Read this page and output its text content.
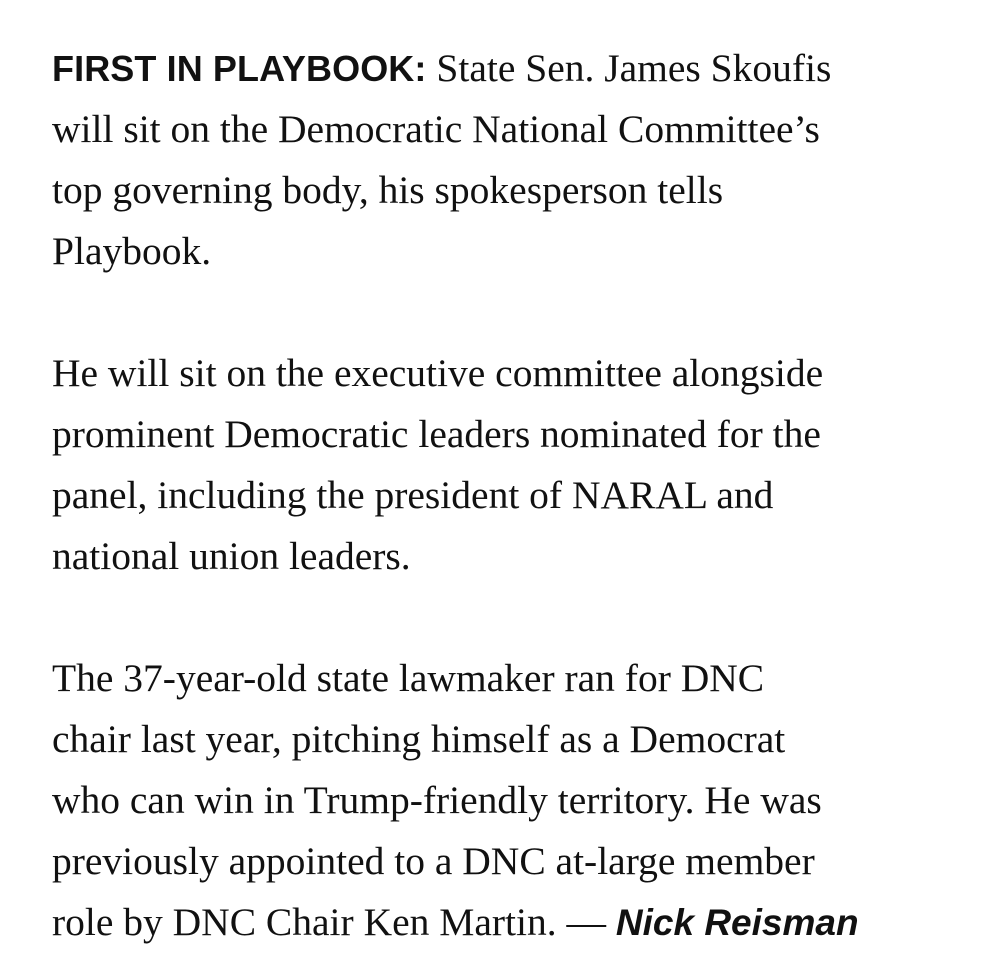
FIRST IN PLAYBOOK: State Sen. James Skoufis
will sit on the Democratic National Committee’s
top governing body, his spokesperson tells
Playbook.

He will sit on the executive committee alongside
prominent Democratic leaders nominated for the
panel, including the president of NARAL and
national union leaders.

The 37-year-old state lawmaker ran for DNC
chair last year, pitching himself as a Democrat
who can win in Trump-friendly territory. He was
previously appointed to a DNC at-large member
role by DNC Chair Ken Martin. — Nick Reisman
